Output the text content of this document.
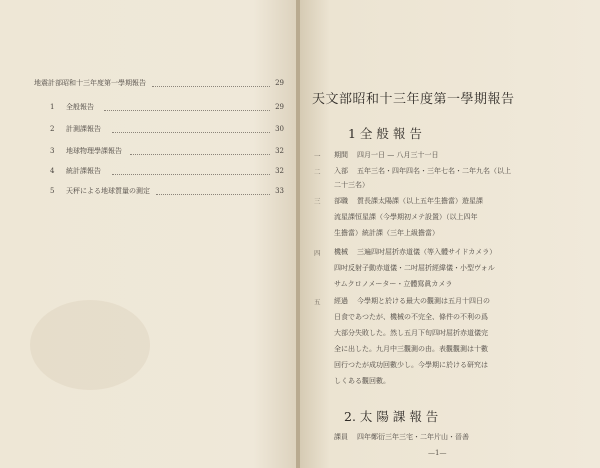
地震計部昭和十三年度第一學期報告	29
1	全般報告	29
2	計測課報告	30
3	地球物理學課報告	32
4	統計課報告	32
5	天秤による地球質量の測定	33
天文部昭和十三年度第一學期報告
1 全 般 報 告
一
二
三
四
五
期間 四月一日 — 八月三十一日
入部 五年三名・四年四名・三年七名・二年九名（以上
二十三名）
部職 質長課太陽課（以上五年生擔當）遊星課
流星課恒星課（今學期初メテ設置）（以上四年
生擔當）統計課（三年上級擔當）
機械 三遍四吋屈折赤道儀（等入體サイドカメラ）
四吋反射子動赤道儀・二吋屈折經緯儀・小型ヴォル
サムクロノメーター・立體寫眞カメラ
經過 今學期と於ける最大の觀測は五月十四日の
日食であつたが、機械の不完全、條件の不利の爲
大部分失敗した。然し五月下旬四吋屈折赤道儀完
全に出した。九月中三觀測の由。表觀觀測は十數
回行つたが成功回數少し。今學期に於ける研究は
しくある觀回數。
2. 太 陽 課 報 告
課員 四年鄭衍三年三宅・二年片山・晉善
—1—
